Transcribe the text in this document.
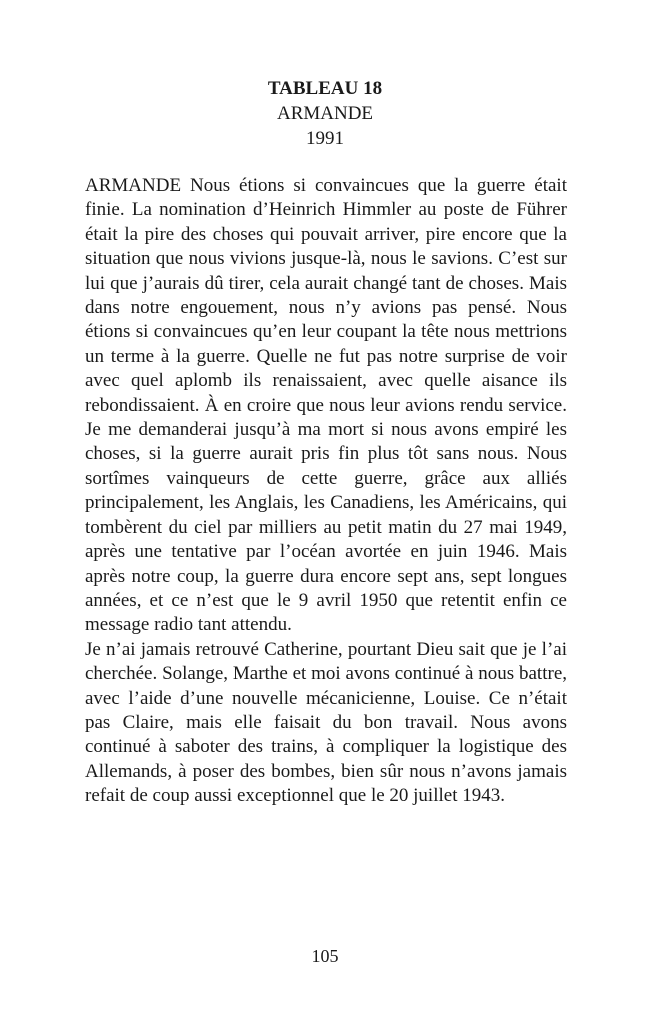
TABLEAU 18
ARMANDE
1991

ARMANDE Nous étions si convaincues que la guerre était finie. La nomination d’Heinrich Himmler au poste de Führer était la pire des choses qui pouvait arriver, pire encore que la situation que nous vivions jusque-là, nous le savions. C’est sur lui que j’aurais dû tirer, cela aurait changé tant de choses. Mais dans notre engouement, nous n’y avions pas pensé. Nous étions si convaincues qu’en leur coupant la tête nous mettrions un terme à la guerre. Quelle ne fut pas notre surprise de voir avec quel aplomb ils renaissaient, avec quelle aisance ils rebondissaient. À en croire que nous leur avions rendu service. Je me demanderai jusqu’à ma mort si nous avons empiré les choses, si la guerre aurait pris fin plus tôt sans nous. Nous sortîmes vainqueurs de cette guerre, grâce aux alliés principalement, les Anglais, les Canadiens, les Américains, qui tombèrent du ciel par milliers au petit matin du 27 mai 1949, après une tentative par l’océan avortée en juin 1946. Mais après notre coup, la guerre dura encore sept ans, sept longues années, et ce n’est que le 9 avril 1950 que retentit enfin ce message radio tant attendu.

Je n’ai jamais retrouvé Catherine, pourtant Dieu sait que je l’ai cherchée. Solange, Marthe et moi avons continué à nous battre, avec l’aide d’une nouvelle mécanicienne, Louise. Ce n’était pas Claire, mais elle faisait du bon travail. Nous avons continué à saboter des trains, à compliquer la logistique des Allemands, à poser des bombes, bien sûr nous n’avons jamais refait de coup aussi exceptionnel que le 20 juillet 1943.

105
